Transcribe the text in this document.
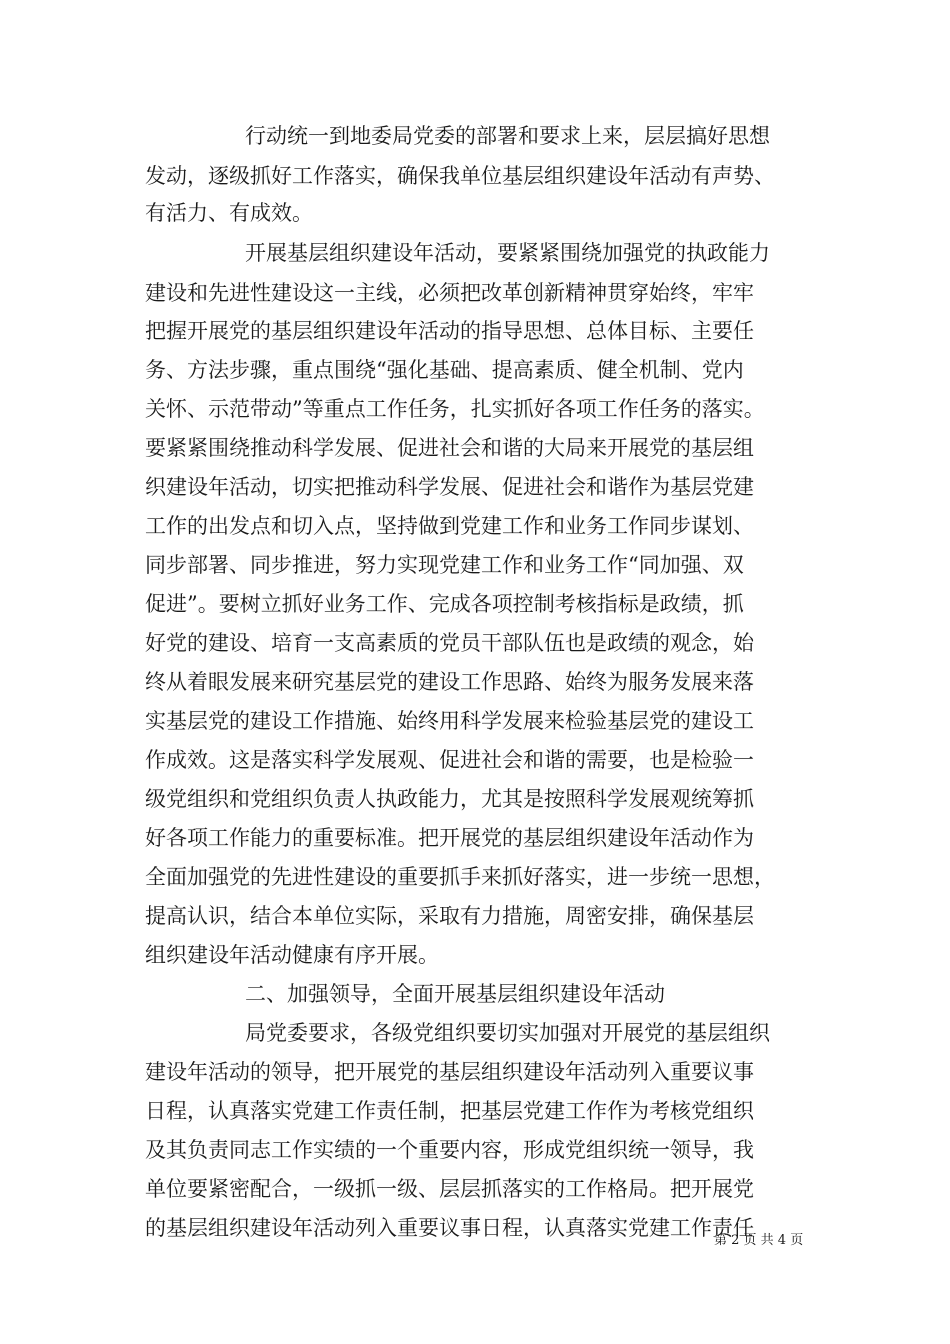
行动统一到地委局党委的部署和要求上来，层层搞好思想
发动，逐级抓好工作落实，确保我单位基层组织建设年活动有声势、
有活力、有成效。
开展基层组织建设年活动，要紧紧围绕加强党的执政能力
建设和先进性建设这一主线，必须把改革创新精神贯穿始终，牢牢
把握开展党的基层组织建设年活动的指导思想、总体目标、主要任
务、方法步骤，重点围绕“强化基础、提高素质、健全机制、党内
关怀、示范带动”等重点工作任务，扎实抓好各项工作任务的落实。
要紧紧围绕推动科学发展、促进社会和谐的大局来开展党的基层组
织建设年活动，切实把推动科学发展、促进社会和谐作为基层党建
工作的出发点和切入点，坚持做到党建工作和业务工作同步谋划、
同步部署、同步推进，努力实现党建工作和业务工作“同加强、双
促进”。要树立抓好业务工作、完成各项控制考核指标是政绩，抓
好党的建设、培育一支高素质的党员干部队伍也是政绩的观念，始
终从着眼发展来研究基层党的建设工作思路、始终为服务发展来落
实基层党的建设工作措施、始终用科学发展来检验基层党的建设工
作成效。这是落实科学发展观、促进社会和谐的需要，也是检验一
级党组织和党组织负责人执政能力，尤其是按照科学发展观统筹抓
好各项工作能力的重要标准。把开展党的基层组织建设年活动作为
全面加强党的先进性建设的重要抓手来抓好落实，进一步统一思想，
提高认识，结合本单位实际，采取有力措施，周密安排，确保基层
组织建设年活动健康有序开展。
二、加强领导，全面开展基层组织建设年活动
局党委要求，各级党组织要切实加强对开展党的基层组织
建设年活动的领导，把开展党的基层组织建设年活动列入重要议事
日程，认真落实党建工作责任制，把基层党建工作作为考核党组织
及其负责同志工作实绩的一个重要内容，形成党组织统一领导，我
单位要紧密配合，一级抓一级、层层抓落实的工作格局。把开展党
的基层组织建设年活动列入重要议事日程，认真落实党建工作责任
第 2 页 共 4 页
